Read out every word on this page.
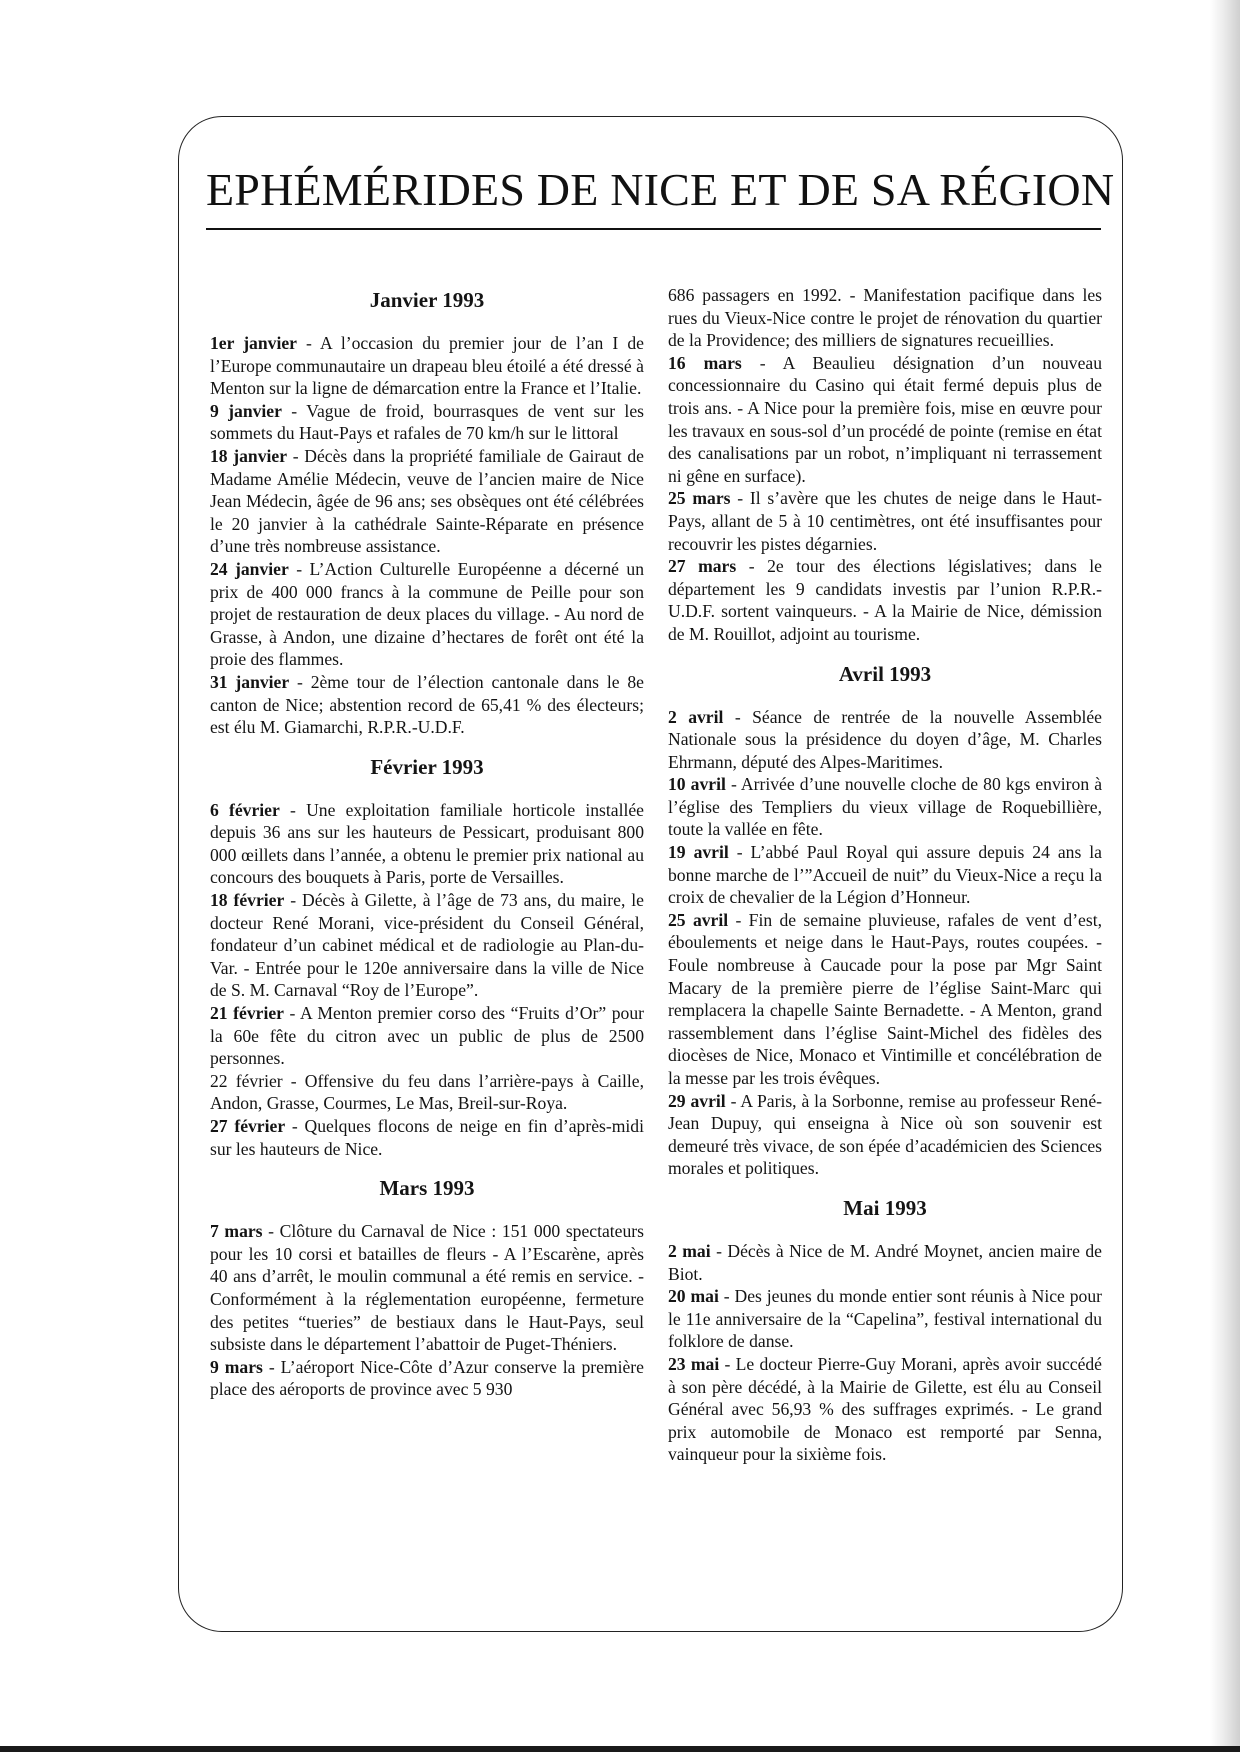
EPHÉMÉRIDES DE NICE ET DE SA RÉGION
Janvier 1993

1er janvier - A l’occasion du premier jour de l’an I de l’Europe communautaire un drapeau bleu étoilé a été dressé à Menton sur la ligne de démarcation entre la France et l’Italie.

9 janvier - Vague de froid, bourrasques de vent sur les sommets du Haut-Pays et rafales de 70 km/h sur le littoral

18 janvier - Décès dans la propriété familiale de Gairaut de Madame Amélie Médecin, veuve de l’ancien maire de Nice Jean Médecin, âgée de 96 ans; ses obsèques ont été célébrées le 20 janvier à la cathédrale Sainte-Réparate en présence d’une très nombreuse assistance.

24 janvier - L’Action Culturelle Européenne a décerné un prix de 400 000 francs à la commune de Peille pour son projet de restauration de deux places du village. - Au nord de Grasse, à Andon, une dizaine d’hectares de forêt ont été la proie des flammes.

31 janvier - 2ème tour de l’élection cantonale dans le 8e canton de Nice; abstention record de 65,41 % des électeurs; est élu M. Giamarchi, R.P.R.-U.D.F.

Février 1993

6 février - Une exploitation familiale horticole installée depuis 36 ans sur les hauteurs de Pessicart, produisant 800 000 œillets dans l’année, a obtenu le premier prix national au concours des bouquets à Paris, porte de Versailles.

18 février - Décès à Gilette, à l’âge de 73 ans, du maire, le docteur René Morani, vice-président du Conseil Général, fondateur d’un cabinet médical et de radiologie au Plan-du-Var. - Entrée pour le 120e anniversaire dans la ville de Nice de S. M. Carnaval “Roy de l’Europe”.

21 février - A Menton premier corso des “Fruits d’Or” pour la 60e fête du citron avec un public de plus de 2500 personnes.

22 février - Offensive du feu dans l’arrière-pays à Caille, Andon, Grasse, Courmes, Le Mas, Breil-sur-Roya.

27 février - Quelques flocons de neige en fin d’après-midi sur les hauteurs de Nice.

Mars 1993

7 mars - Clôture du Carnaval de Nice : 151 000 spectateurs pour les 10 corsi et batailles de fleurs - A l’Escarène, après 40 ans d’arrêt, le moulin communal a été remis en service. - Conformément à la réglementation européenne, fermeture des petites “tueries” de bestiaux dans le Haut-Pays, seul subsiste dans le département l’abattoir de Puget-Théniers.

9 mars - L’aéroport Nice-Côte d’Azur conserve la première place des aéroports de province avec 5 930

686 passagers en 1992. - Manifestation pacifique dans les rues du Vieux-Nice contre le projet de rénovation du quartier de la Providence; des milliers de signatures recueillies.

16 mars - A Beaulieu désignation d’un nouveau concessionnaire du Casino qui était fermé depuis plus de trois ans. - A Nice pour la première fois, mise en œuvre pour les travaux en sous-sol d’un procédé de pointe (remise en état des canalisations par un robot, n’impliquant ni terrassement ni gêne en surface).

25 mars - Il s’avère que les chutes de neige dans le Haut-Pays, allant de 5 à 10 centimètres, ont été insuffisantes pour recouvrir les pistes dégarnies.

27 mars - 2e tour des élections législatives; dans le département les 9 candidats investis par l’union R.P.R.- U.D.F. sortent vainqueurs. - A la Mairie de Nice, démission de M. Rouillot, adjoint au tourisme.

Avril 1993

2 avril - Séance de rentrée de la nouvelle Assemblée Nationale sous la présidence du doyen d’âge, M. Charles Ehrmann, député des Alpes-Maritimes.

10 avril - Arrivée d’une nouvelle cloche de 80 kgs environ à l’église des Templiers du vieux village de Roquebillière, toute la vallée en fête.

19 avril - L’abbé Paul Royal qui assure depuis 24 ans la bonne marche de l’”Accueil de nuit” du Vieux-Nice a reçu la croix de chevalier de la Légion d’Honneur.

25 avril - Fin de semaine pluvieuse, rafales de vent d’est, éboulements et neige dans le Haut-Pays, routes coupées. - Foule nombreuse à Caucade pour la pose par Mgr Saint Macary de la première pierre de l’église Saint-Marc qui remplacera la chapelle Sainte Bernadette. - A Menton, grand rassemblement dans l’église Saint-Michel des fidèles des diocèses de Nice, Monaco et Vintimille et concélébration de la messe par les trois évêques.

29 avril - A Paris, à la Sorbonne, remise au professeur René-Jean Dupuy, qui enseigna à Nice où son souvenir est demeuré très vivace, de son épée d’académicien des Sciences morales et politiques.

Mai 1993

2 mai - Décès à Nice de M. André Moynet, ancien maire de Biot.

20 mai - Des jeunes du monde entier sont réunis à Nice pour le 11e anniversaire de la “Capelina”, festival international du folklore de danse.

23 mai - Le docteur Pierre-Guy Morani, après avoir succédé à son père décédé, à la Mairie de Gilette, est élu au Conseil Général avec 56,93 % des suffrages exprimés. - Le grand prix automobile de Monaco est remporté par Senna, vainqueur pour la sixième fois.
